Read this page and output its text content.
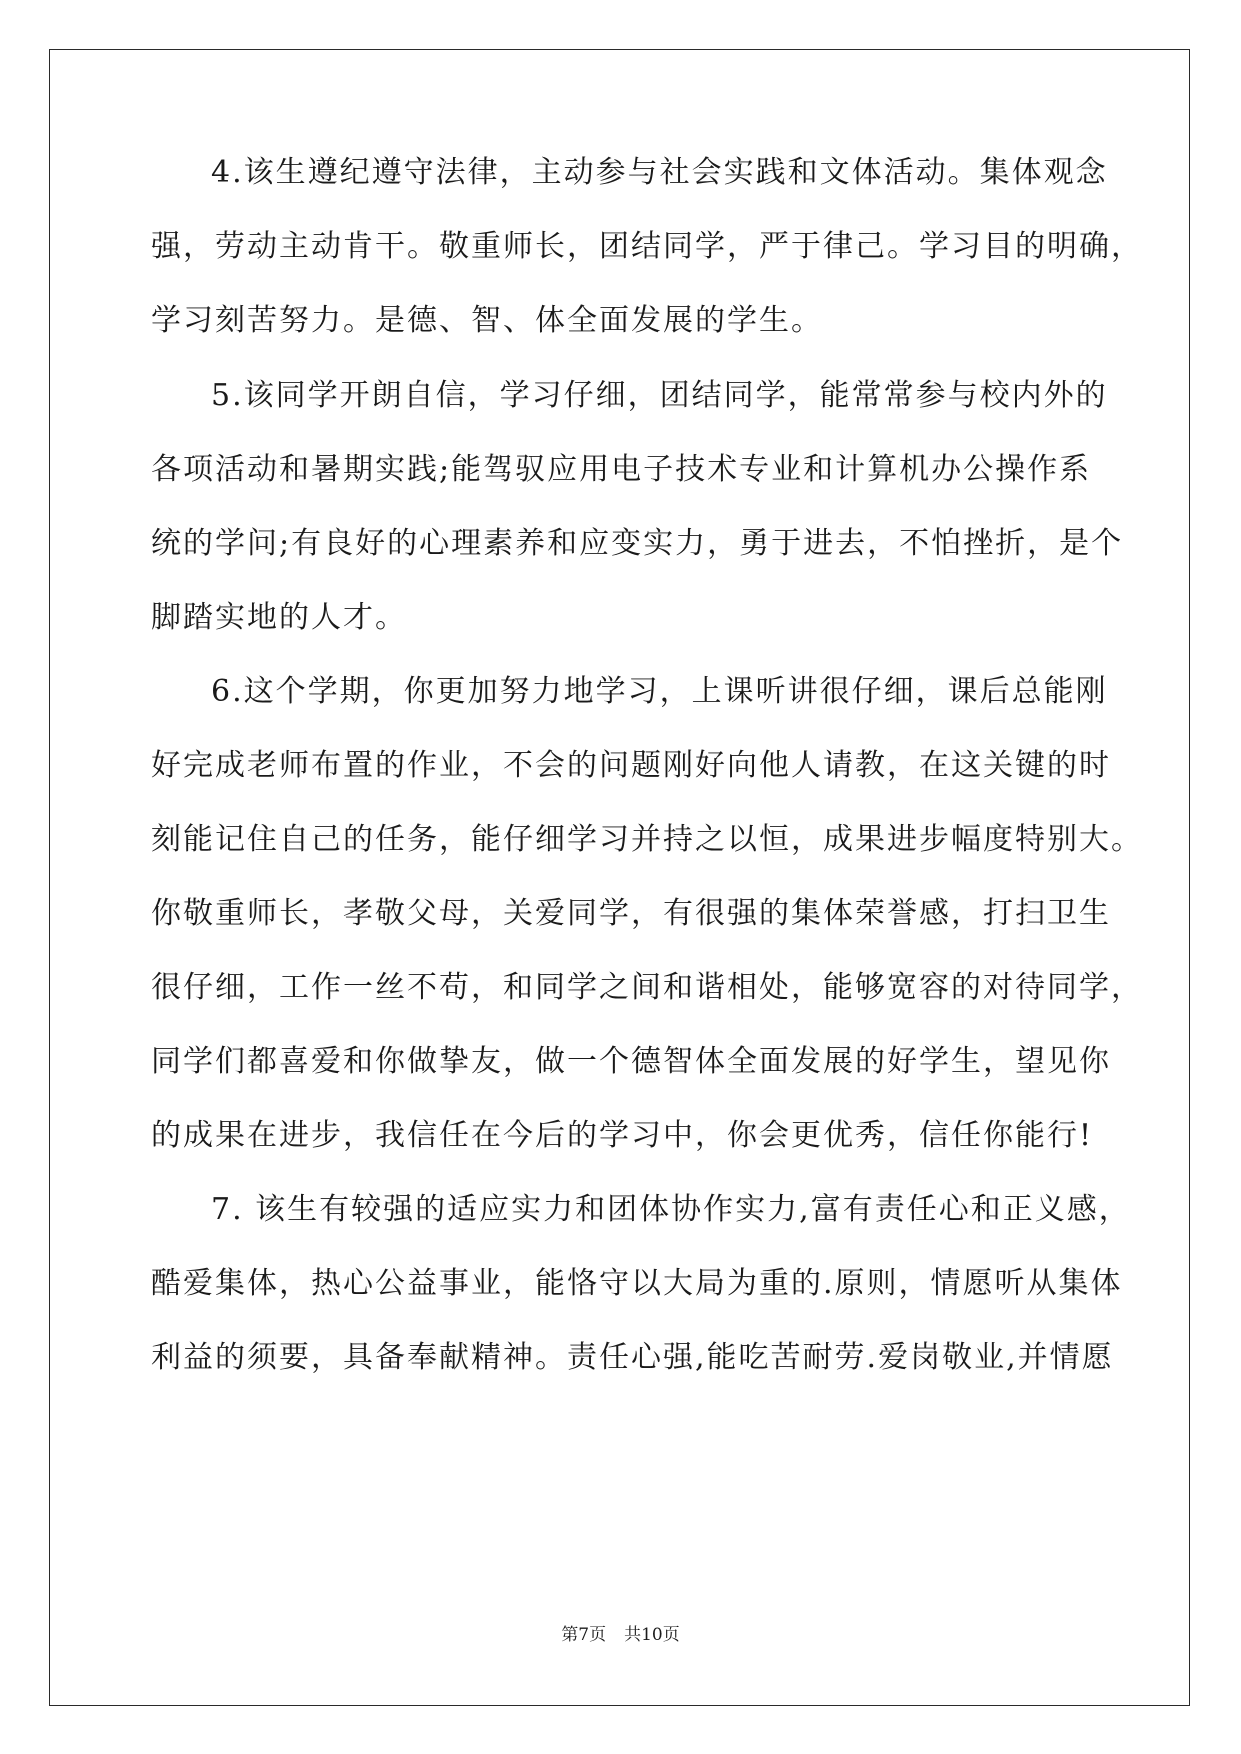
4.该生遵纪遵守法律，主动参与社会实践和文体活动。集体观念
强，劳动主动肯干。敬重师长，团结同学，严于律己。学习目的明确，
学习刻苦努力。是德、智、体全面发展的学生。
5.该同学开朗自信，学习仔细，团结同学，能常常参与校内外的
各项活动和暑期实践;能驾驭应用电子技术专业和计算机办公操作系
统的学问;有良好的心理素养和应变实力，勇于进去，不怕挫折，是个
脚踏实地的人才。
6.这个学期，你更加努力地学习，上课听讲很仔细，课后总能刚
好完成老师布置的作业，不会的问题刚好向他人请教，在这关键的时
刻能记住自己的任务，能仔细学习并持之以恒，成果进步幅度特别大。
你敬重师长，孝敬父母，关爱同学，有很强的集体荣誉感，打扫卫生
很仔细，工作一丝不苟，和同学之间和谐相处，能够宽容的对待同学，
同学们都喜爱和你做挚友，做一个德智体全面发展的好学生，望见你
的成果在进步，我信任在今后的学习中，你会更优秀，信任你能行!
7. 该生有较强的适应实力和团体协作实力,富有责任心和正义感，
酷爱集体，热心公益事业，能恪守以大局为重的.原则，情愿听从集体
利益的须要，具备奉献精神。责任心强,能吃苦耐劳.爱岗敬业,并情愿
第7页 共10页
